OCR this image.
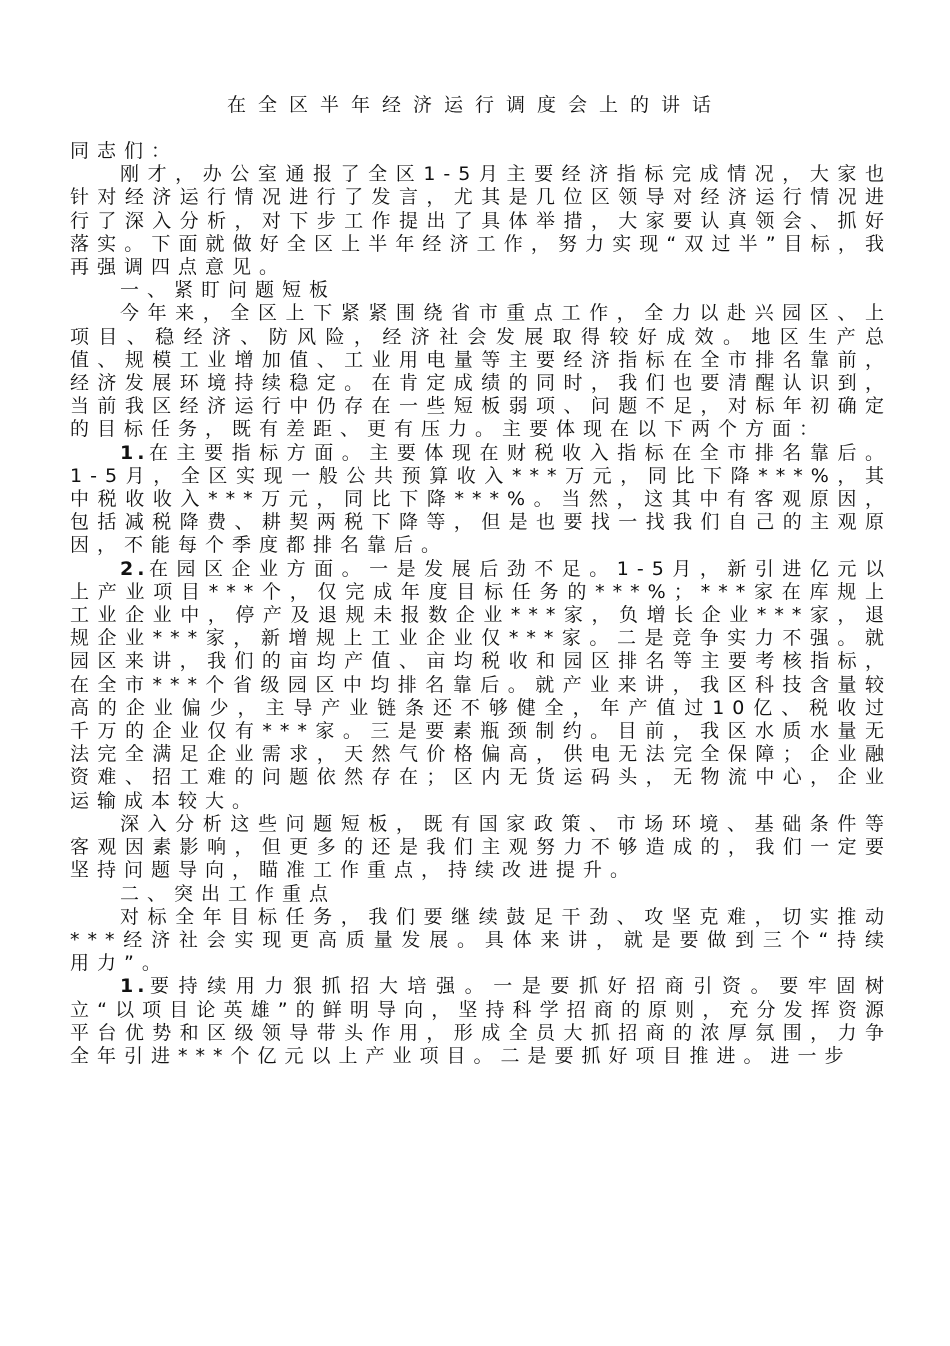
在全区半年经济运行调度会上的讲话

同志们：

刚才，办公室通报了全区1-5月主要经济指标完成情况，大家也针对经济运行情况进行了发言，尤其是几位区领导对经济运行情况进行了深入分析，对下步工作提出了具体举措，大家要认真领会、抓好落实。下面就做好全区上半年经济工作，努力实现“双过半”目标，我再强调四点意见。

一、紧盯问题短板

今年来，全区上下紧紧围绕省市重点工作，全力以赴兴园区、上项目、稳经济、防风险，经济社会发展取得较好成效。地区生产总值、规模工业增加值、工业用电量等主要经济指标在全市排名靠前，经济发展环境持续稳定。在肯定成绩的同时，我们也要清醒认识到，当前我区经济运行中仍存在一些短板弱项、问题不足，对标年初确定的目标任务，既有差距、更有压力。主要体现在以下两个方面：

1.在主要指标方面。主要体现在财税收入指标在全市排名靠后。1-5月，全区实现一般公共预算收入***万元，同比下降***%，其中税收收入***万元，同比下降***%。当然，这其中有客观原因，包括减税降费、耕契两税下降等，但是也要找一找我们自己的主观原因，不能每个季度都排名靠后。

2.在园区企业方面。一是发展后劲不足。1-5月，新引进亿元以上产业项目***个，仅完成年度目标任务的***%；***家在库规上工业企业中，停产及退规未报数企业***家，负增长企业***家，退规企业***家，新增规上工业企业仅***家。二是竞争实力不强。就园区来讲，我们的亩均产值、亩均税收和园区排名等主要考核指标，在全市***个省级园区中均排名靠后。就产业来讲，我区科技含量较高的企业偏少，主导产业链条还不够健全，年产值过10亿、税收过千万的企业仅有***家。三是要素瓶颈制约。目前，我区水质水量无法完全满足企业需求，天然气价格偏高，供电无法完全保障；企业融资难、招工难的问题依然存在；区内无货运码头，无物流中心，企业运输成本较大。

深入分析这些问题短板，既有国家政策、市场环境、基础条件等客观因素影响，但更多的还是我们主观努力不够造成的，我们一定要坚持问题导向，瞄准工作重点，持续改进提升。

二、突出工作重点

对标全年目标任务，我们要继续鼓足干劲、攻坚克难，切实推动***经济社会实现更高质量发展。具体来讲，就是要做到三个“持续用力”。

1.要持续用力狠抓招大培强。一是要抓好招商引资。要牢固树立“以项目论英雄”的鲜明导向，坚持科学招商的原则，充分发挥资源平台优势和区级领导带头作用，形成全员大抓招商的浓厚氛围，力争全年引进***个亿元以上产业项目。二是要抓好项目推进。进一步
